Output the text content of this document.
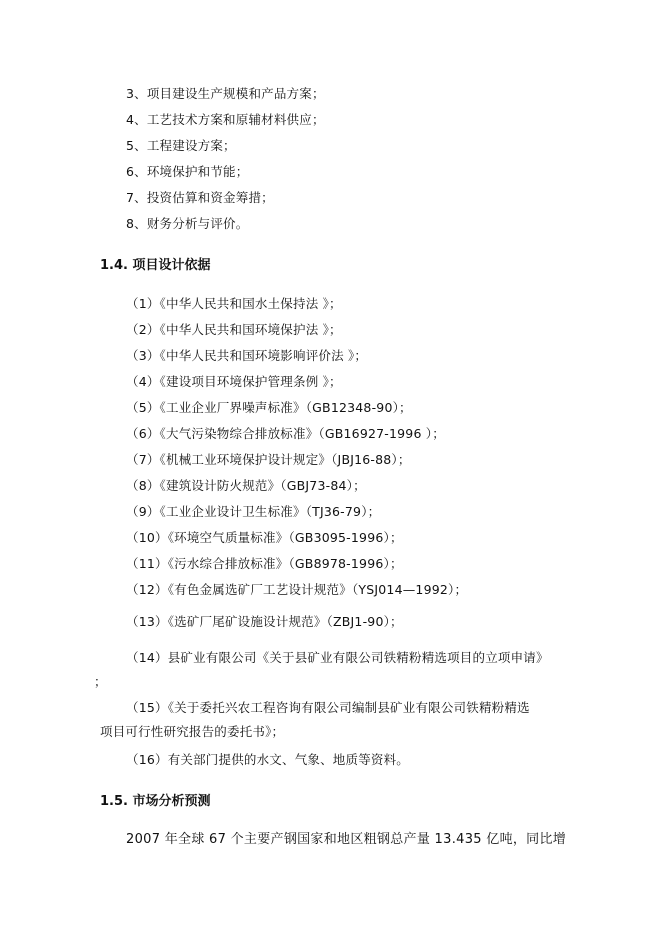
3、项目建设生产规模和产品方案；
4、工艺技术方案和原辅材料供应；
5、工程建设方案；
6、环境保护和节能；
7、投资估算和资金筹措；
8、财务分析与评价。
1.4. 项目设计依据
（1）《中华人民共和国水土保持法 》；
（2）《中华人民共和国环境保护法 》；
（3）《中华人民共和国环境影响评价法 》；
（4）《建设项目环境保护管理条例 》；
（5）《工业企业厂界噪声标准》（GB12348-90）；
（6）《大气污染物综合排放标准》（GB16927-1996 ）；
（7）《机械工业环境保护设计规定》（JBJ16-88）；
（8）《建筑设计防火规范》（GBJ73-84）；
（9）《工业企业设计卫生标准》（TJ36-79）；
（10）《环境空气质量标准》（GB3095-1996）；
（11）《污水综合排放标准》（GB8978-1996）；
（12）《有色金属选矿厂工艺设计规范》（YSJ014—1992）；
（13）《选矿厂尾矿设施设计规范》（ZBJ1-90）；
（14）县矿业有限公司《关于县矿业有限公司铁精粉精选项目的立项申请》
；
（15）《关于委托兴农工程咨询有限公司编制县矿业有限公司铁精粉精选
项目可行性研究报告的委托书》；
（16）有关部门提供的水文、气象、地质等资料。
1.5. 市场分析预测
2007 年全球 67 个主要产钢国家和地区粗钢总产量 13.435 亿吨，同比增
